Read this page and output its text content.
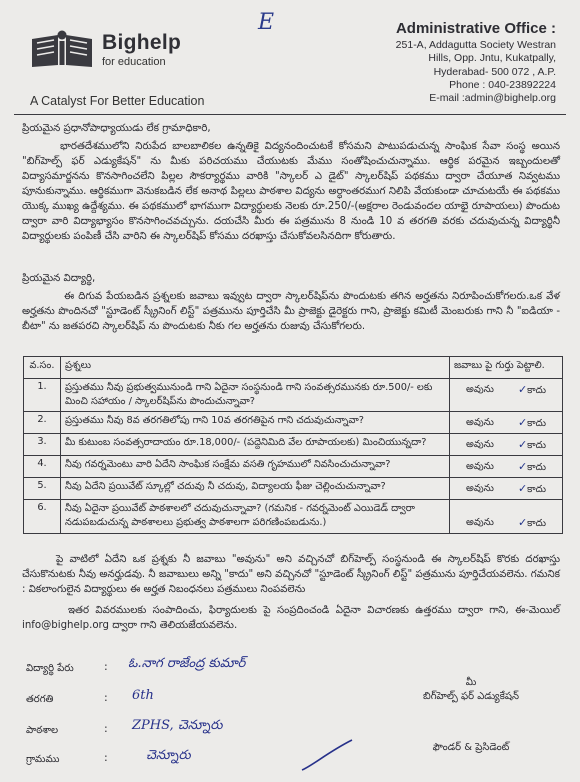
Bighelp
for education
A Catalyst For Better Education
E	Administrative Office :
251-A, Addagutta Society Westran
Hills, Opp. Jntu, Kukatpally,
Hyderabad- 500 072 , A.P.
Phone : 040-23892224
E-mail :admin@bighelp.org
ప్రియమైన ప్రధానోపాధ్యాయుడు లేక గ్రామాధికారి,
భారతదేశములోని నిరుపేద బాలబాలికల ఉన్నతికై విద్యనందించుటకే కోసమని పాటుపడుచున్న సాంఘిక సేవా సంస్థ అయిన "బిగ్‌హెల్ప్ ఫర్ ఎడ్యుకేషన్" ను మీకు పరిచయము చేయుటకు మేము సంతోషించుచున్నాము. ఆర్థిక పరమైన ఇబ్బందులతో విద్యాసమార్జనను కొనసాగించలేని పిల్లల సౌకర్యార్థము వారికి "స్కాలర్ ఎ డైట్" స్కాలర్‌షిప్ పథకము ద్వారా చేయూత నివ్వటము పూనుకున్నాము. ఆర్థికముగా వెనుకబడిన లేక అనాథ పిల్లలు పాఠశాల విద్యను అర్ధాంతరముగ నిలిపి వేయకుండా చూచుటయే ఈ పథకము యొక్క ముఖ్య ఉద్దేశ్యము. ఈ పథకములో భాగముగా విద్యార్ధులకు నెలకు రూ.250/-(అక్షరాల రెండువందల యాభై రూపాయలు) పొందుట ద్వారా వారి విద్యాభ్యాసం కొనసాగించవచ్చును. దయచేసి మీరు ఈ పత్రమును 8 నుండి 10 వ తరగతి వరకు చదువుచున్న విద్యార్థినీ విద్యార్థులకు పంపిణీ చేసి వారిని ఈ స్కాలర్‌షిప్ కోసము దరఖాస్తు చేసుకోవలసినదిగా కోరుతారు.
ప్రియమైన విద్యార్థి,
ఈ దిగువ పేయబడిన ప్రశ్నలకు జవాబు ఇవ్వుట ద్వారా స్కాలర్‌షిప్‌ను పొందుటకు తగిన అర్హతను నిరూపించుకోగలరు.ఒక వేళ అర్హతను పొందినచో "స్టూడెంట్ స్క్రీనింగ్ లిస్ట్" పత్రమును పూర్తిచేసి మీ ప్రాజెక్టు డైరెక్టరు గాని, ప్రాజెక్టు కమిటీ మెంబరుకు గాని నీ "ఐడియా - బీటా" ను జతపరచి స్కాలర్‌షిప్ ను పొందుటకు నీకు గల అర్హతను రుజువు చేసుకోగలరు.
వ.సం.	ప్రశ్నలు	జవాబు పై గుర్తు పెట్టాలి.
1.	ప్రస్తుతము నీవు ప్రభుత్వమునుండి గాని ఏదైనా సంస్థనుండి గాని సంవత్సరమునకు రూ.500/- లకు మించి సహాయం / స్కాలర్‌షిప్‌ను పొందుచున్నావా?	అవును ✓కాదు

2.	ప్రస్తుతము నీవు 8వ తరగతిలోపు గాని 10వ తరగతిపైన గాని చదువుచున్నావా?	అవును ✓కాదు

3.	మీ కుటుంబ సంవత్సరాదాయం రూ.18,000/- (పద్దెనిమిది వేల రూపాయలకు) మించియున్నదా?	అవును ✓కాదు

4.	నీవు గవర్నమెంటు వారి ఏదేని సాంఘిక సంక్షేమ వసతి గృహములో నివసించుచున్నావా?	అవును ✓కాదు

5.	నీవు ఏదేని ప్రయివేట్ స్కూల్లో చదువు నీ చదువు, విద్యాలయ ఫీజు చెల్లించుచున్నావా?	అవును ✓కాదు

6.	నీవు ఏదైనా ప్రయివేట్ పాఠశాలలో చదువుచున్నావా? (గమనిక - గవర్నమెంట్ ఎయిడెడ్ ద్వారా నడుపబడుచున్న పాఠశాలలు ప్రభుత్వ పాఠశాలగా పరిగణింపబడును.)	అవును ✓కాదు
పై వాటిలో ఏదేని ఒక ప్రశ్నకు నీ జవాబు "అవును" అని వచ్చినచో బిగ్‌హెల్ప్ సంస్థనుండి ఈ స్కాలర్‌షిప్ కొరకు దరఖాస్తు చేసుకొనుటకు నీవు అనర్హుడవు. నీ జవాబులు అన్ని "కాదు" అని వచ్చినచో "స్టూడెంట్ స్క్రీనింగ్ లిస్ట్" పత్రమును పూర్తిచేయవలెను. గమనిక : వికలాంగులైన విద్యార్థులు ఈ అర్హత నిబంధనలు పత్రములు నింపవలెను
ఇతర వివరములకు సంపాదించు, ఫిర్యాదులకు పై సంప్రదించండి ఏదైనా విచారణకు ఉత్తరము ద్వారా గాని, ఈ-మెయిల్ info@bighelp.org ద్వారా గాని తెలియజేయవలెను.
విద్యార్థి పేరు	: ఓ.నాగ రాజేంద్ర కుమార్
తరగతి	: 6th
పాఠశాల	: ZPHS, చెన్నూరు
గ్రామము	:	చెన్నూరు
మీ
బిగ్‌హెల్ప్ ఫర్ ఎడ్యుకేషన్
ఫౌండర్ & ప్రెసిడెంట్
